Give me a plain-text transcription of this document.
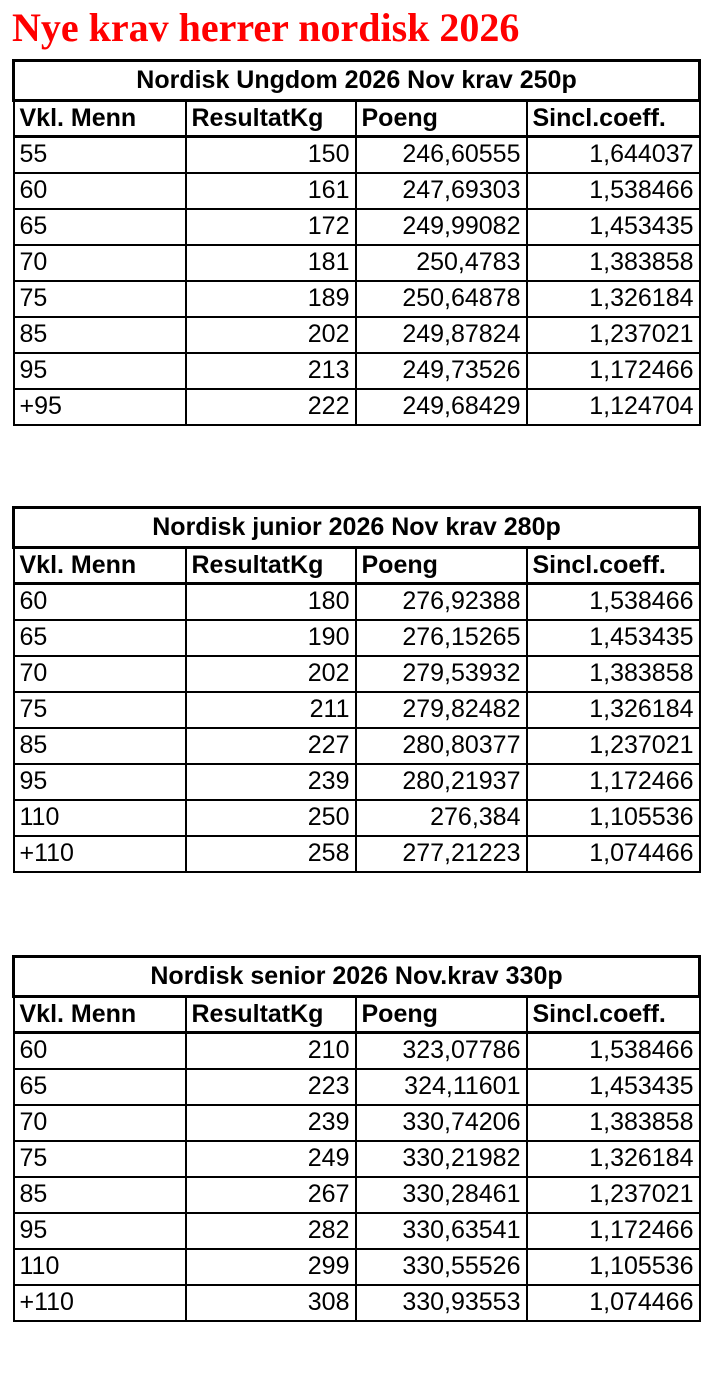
Nye krav herrer nordisk 2026
Nordisk Ungdom 2026 Nov krav 250p			
Vkl. Menn	ResultatKg	Poeng	Sincl.coeff.
55	150	246,60555	1,644037
60	161	247,69303	1,538466
65	172	249,99082	1,453435
70	181	250,4783	1,383858
75	189	250,64878	1,326184
85	202	249,87824	1,237021
95	213	249,73526	1,172466
+95	222	249,68429	1,124704
Nordisk junior 2026 Nov krav 280p			
Vkl. Menn	ResultatKg	Poeng	Sincl.coeff.
60	180	276,92388	1,538466
65	190	276,15265	1,453435
70	202	279,53932	1,383858
75	211	279,82482	1,326184
85	227	280,80377	1,237021
95	239	280,21937	1,172466
110	250	276,384	1,105536
+110	258	277,21223	1,074466
Nordisk senior 2026 Nov.krav 330p			
Vkl. Menn	ResultatKg	Poeng	Sincl.coeff.
60	210	323,07786	1,538466
65	223	324,11601	1,453435
70	239	330,74206	1,383858
75	249	330,21982	1,326184
85	267	330,28461	1,237021
95	282	330,63541	1,172466
110	299	330,55526	1,105536
+110	308	330,93553	1,074466
